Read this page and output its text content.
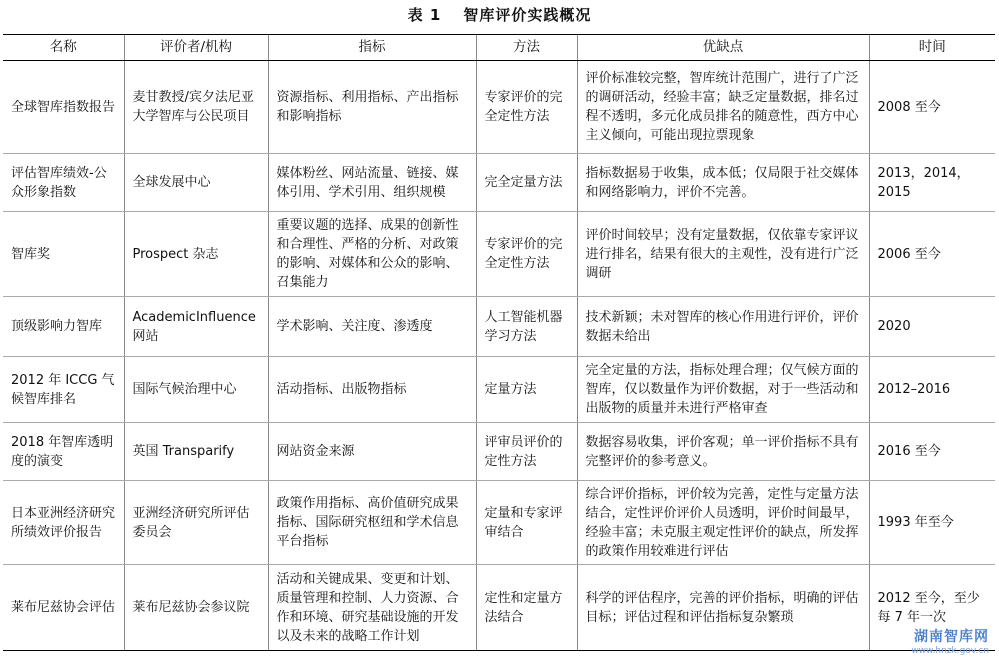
表 1 智库评价实践概况
名称	评价者/机构	指标	方法	优缺点	时间
全球智库指数报告	麦甘教授/宾夕法尼亚大学智库与公民项目	资源指标、利用指标、产出指标和影响指标	专家评价的完全定性方法	评价标准较完整，智库统计范围广，进行了广泛的调研活动，经验丰富；缺乏定量数据，排名过程不透明，多元化成员排名的随意性，西方中心主义倾向，可能出现拉票现象	2008 至今
评估智库绩效-公众形象指数	全球发展中心	媒体粉丝、网站流量、链接、媒体引用、学术引用、组织规模	完全定量方法	指标数据易于收集，成本低；仅局限于社交媒体和网络影响力，评价不完善。	2013，2014，2015
智库奖	Prospect 杂志	重要议题的选择、成果的创新性和合理性、严格的分析、对政策的影响、对媒体和公众的影响、召集能力	专家评价的完全定性方法	评价时间较早；没有定量数据，仅依靠专家评议进行排名，结果有很大的主观性，没有进行广泛调研	2006 至今
顶级影响力智库	AcademicInfluence 网站	学术影响、关注度、渗透度	人工智能机器学习方法	技术新颖；未对智库的核心作用进行评价，评价数据未给出	2020
2012 年 ICCG 气候智库排名	国际气候治理中心	活动指标、出版物指标	定量方法	完全定量的方法，指标处理合理；仅气候方面的智库，仅以数量作为评价数据，对于一些活动和出版物的质量并未进行严格审查	2012–2016
2018 年智库透明度的演变	英国 Transparify	网站资金来源	评审员评价的定性方法	数据容易收集，评价客观；单一评价指标不具有完整评价的参考意义。	2016 至今
日本亚洲经济研究所绩效评价报告	亚洲经济研究所评估委员会	政策作用指标、高价值研究成果指标、国际研究枢纽和学术信息平台指标	定量和专家评审结合	综合评价指标，评价较为完善，定性与定量方法结合，定性评价评价人员透明，评价时间最早，经验丰富；未克服主观定性评价的缺点，所发挥的政策作用较难进行评估	1993 年至今
莱布尼兹协会评估	莱布尼兹协会参议院	活动和关键成果、变更和计划、质量管理和控制、人力资源、合作和环境、研究基础设施的开发以及未来的战略工作计划	定性和定量方法结合	科学的评估程序，完善的评价指标，明确的评估目标；评估过程和评估指标复杂繁琐	2012 至今，至少每 7 年一次
湖南智库网
www.hnzk.gov.cn
